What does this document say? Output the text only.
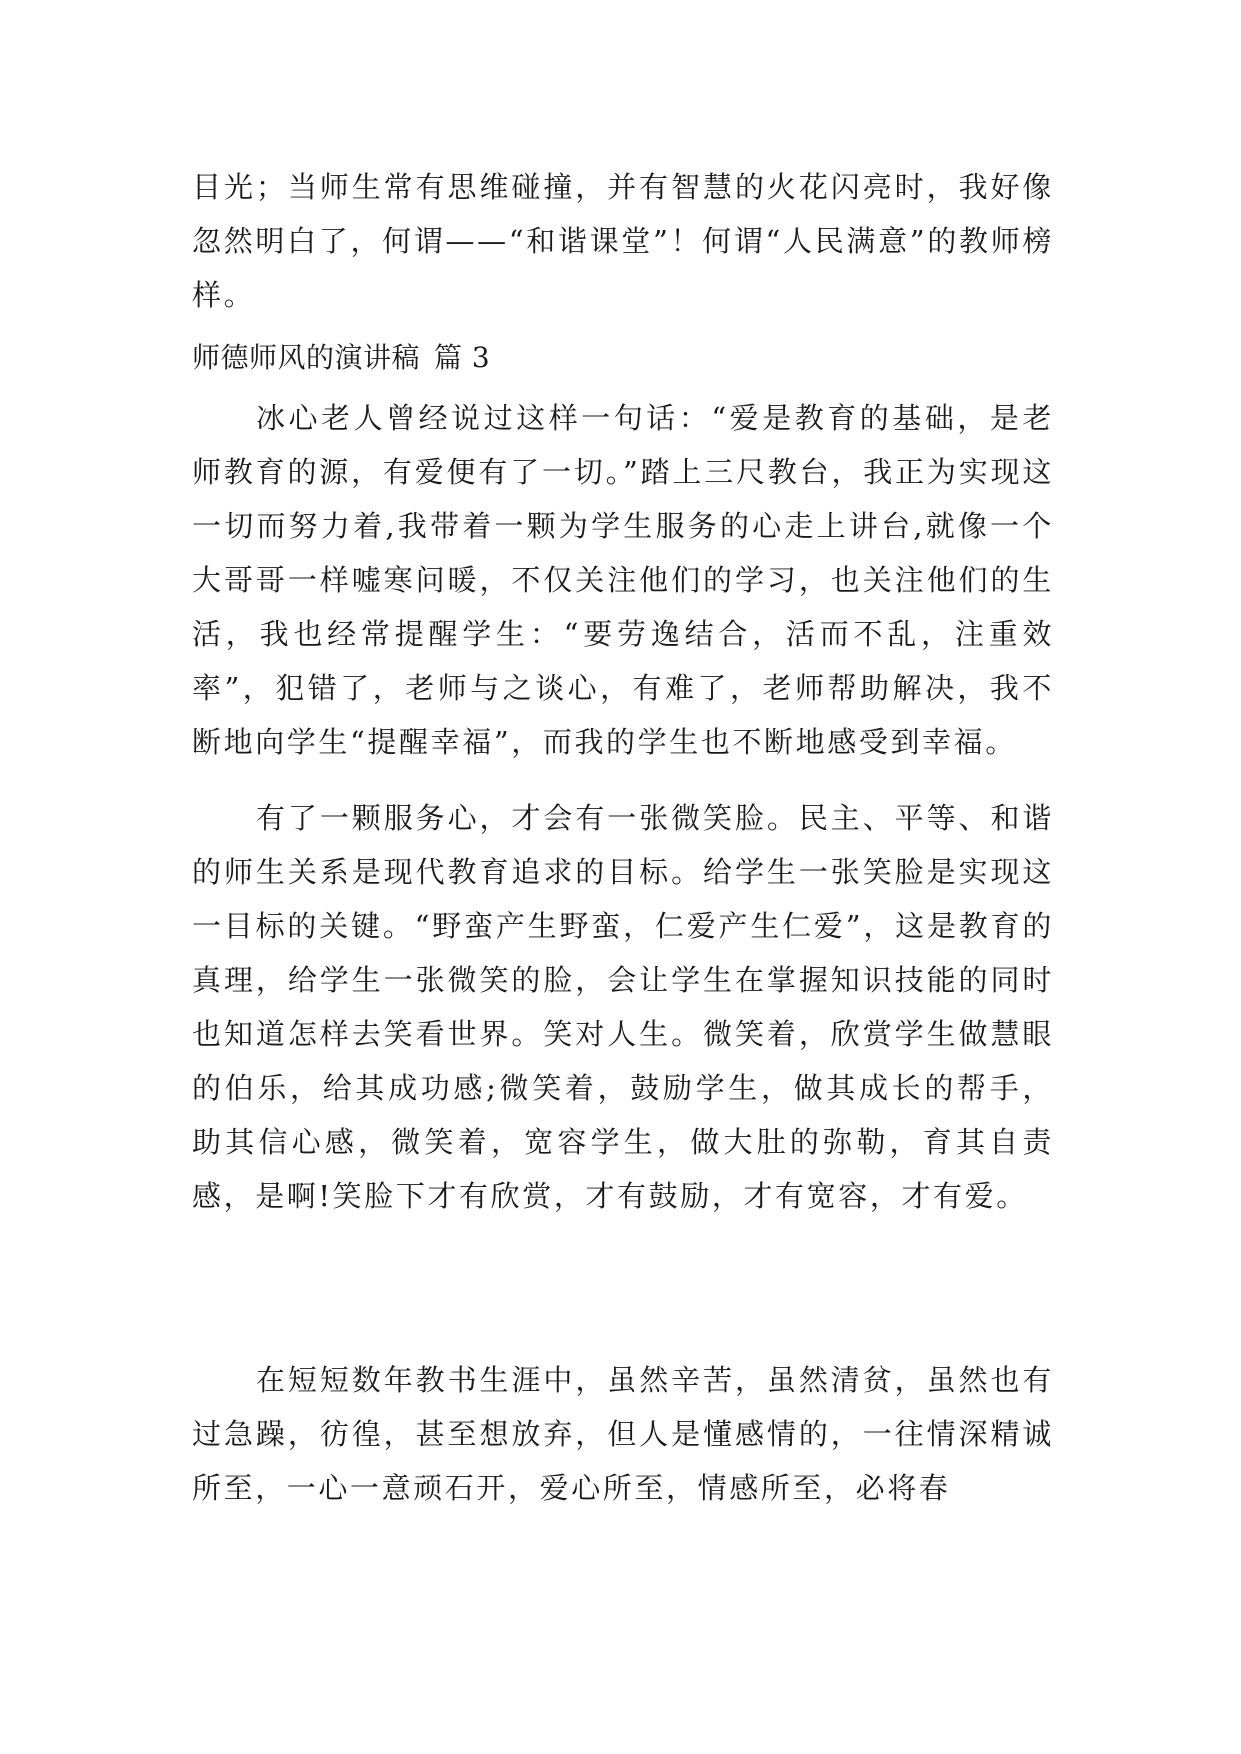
目光；当师生常有思维碰撞，并有智慧的火花闪亮时，我好像忽然明白了，何谓——“和谐课堂”！何谓“人民满意”的教师榜样。
师德师风的演讲稿 篇 3
冰心老人曾经说过这样一句话：“爱是教育的基础，是老师教育的源，有爱便有了一切。”踏上三尺教台，我正为实现这一切而努力着,我带着一颗为学生服务的心走上讲台,就像一个大哥哥一样嘘寒问暖，不仅关注他们的学习，也关注他们的生活，我也经常提醒学生：“要劳逸结合，活而不乱，注重效率”，犯错了，老师与之谈心，有难了，老师帮助解决，我不断地向学生“提醒幸福”，而我的学生也不断地感受到幸福。
有了一颗服务心，才会有一张微笑脸。民主、平等、和谐的师生关系是现代教育追求的目标。给学生一张笑脸是实现这一目标的关键。“野蛮产生野蛮，仁爱产生仁爱”，这是教育的真理，给学生一张微笑的脸，会让学生在掌握知识技能的同时也知道怎样去笑看世界。笑对人生。微笑着，欣赏学生做慧眼的伯乐，给其成功感;微笑着，鼓励学生，做其成长的帮手，助其信心感，微笑着，宽容学生，做大肚的弥勒，育其自责感，是啊!笑脸下才有欣赏，才有鼓励，才有宽容，才有爱。
在短短数年教书生涯中，虽然辛苦，虽然清贫，虽然也有过急躁，彷徨，甚至想放弃，但人是懂感情的，一往情深精诚所至，一心一意顽石开，爱心所至，情感所至，必将春
